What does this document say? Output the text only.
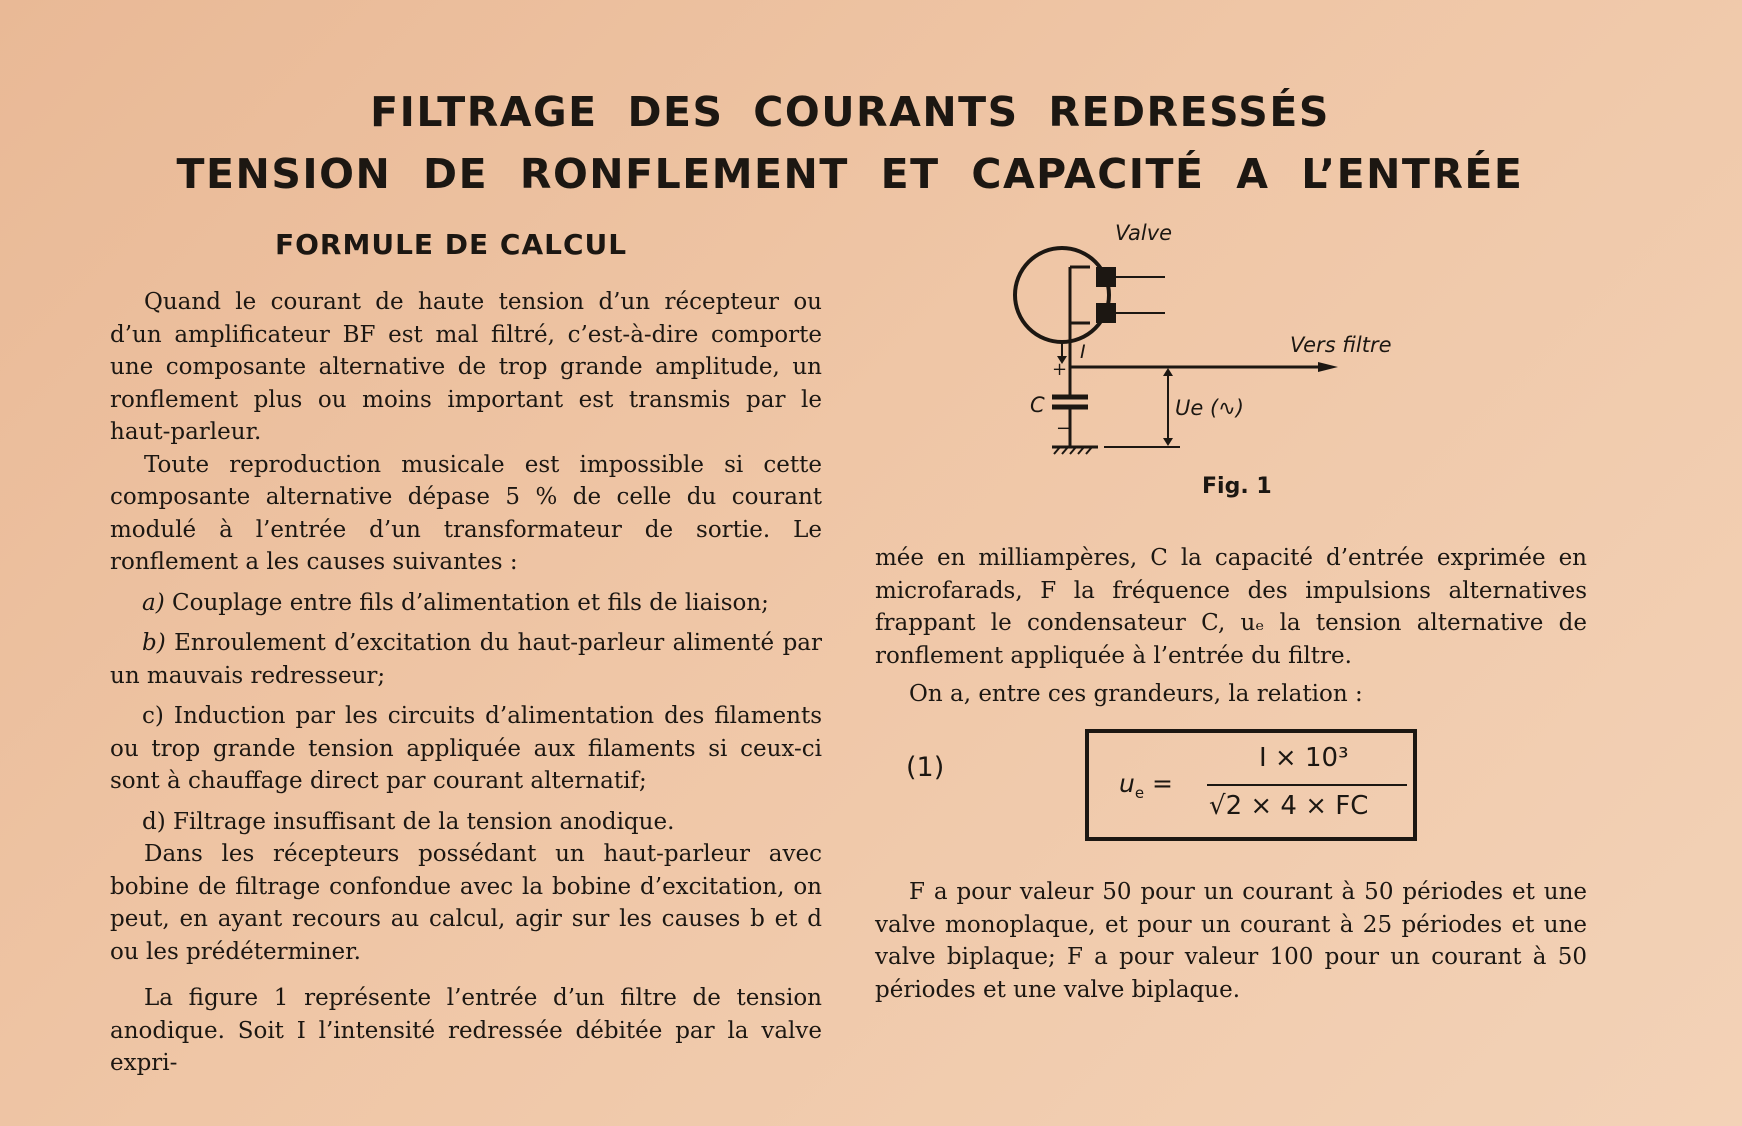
FILTRAGE DES COURANTS REDRESSÉS
TENSION DE RONFLEMENT ET CAPACITÉ A L’ENTRÉE
FORMULE DE CALCUL

Quand le courant de haute tension d’un récepteur ou d’un amplificateur BF est mal filtré, c’est-à-dire comporte une composante alternative de trop grande amplitude, un ronflement plus ou moins important est transmis par le haut-parleur.

Toute reproduction musicale est impossible si cette composante alternative dépase 5 % de celle du courant modulé à l’entrée d’un transformateur de sortie. Le ronflement a les causes suivantes :

a) Couplage entre fils d’alimentation et fils de liaison;

b) Enroulement d’excitation du haut-parleur alimenté par un mauvais redresseur;

c) Induction par les circuits d’alimentation des filaments ou trop grande tension appliquée aux filaments si ceux-ci sont à chauffage direct par courant alternatif;

d) Filtrage insuffisant de la tension anodique.

Dans les récepteurs possédant un haut-parleur avec bobine de filtrage confondue avec la bobine d’excitation, on peut, en ayant recours au calcul, agir sur les causes b et d ou les prédéterminer.

La figure 1 représente l’entrée d’un filtre de tension anodique. Soit I l’intensité redressée débitée par la valve expri-

Valve
I
+
Vers filtre
C
−
Ue (∿)
Fig. 1

mée en milliampères, C la capacité d’entrée exprimée en microfarads, F la fréquence des impulsions alternatives frappant le condensateur C, uₑ la tension alternative de ronflement appliquée à l’entrée du filtre.

On a, entre ces grandeurs, la relation :

(1)
$u_e$ =
I × 10³
√2 × 4 × FC

F a pour valeur 50 pour un courant à 50 périodes et une valve monoplaque, et pour un courant à 25 périodes et une valve biplaque; F a pour valeur 100 pour un courant à 50 périodes et une valve biplaque.
